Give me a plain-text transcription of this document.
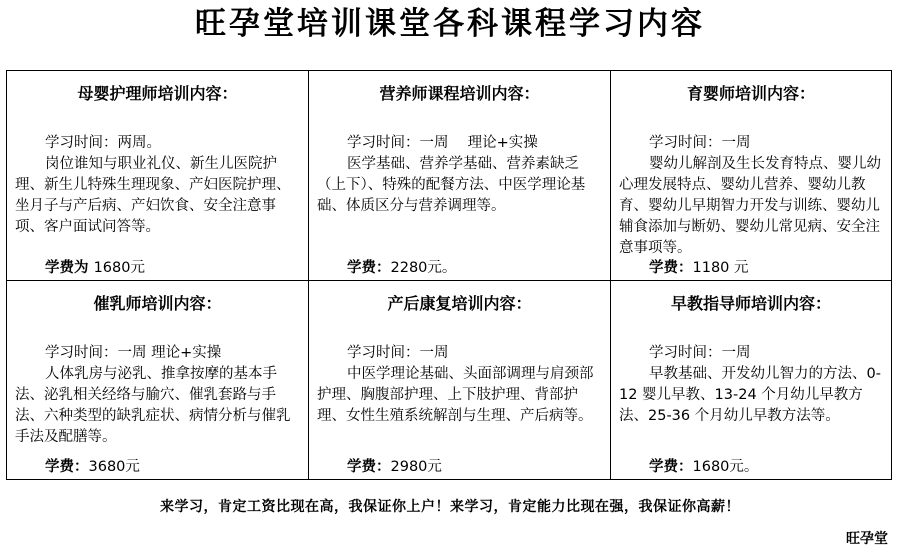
旺孕堂培训课堂各科课程学习内容
母婴护理师培训内容：

学习时间：两周。

岗位谁知与职业礼仪、新生儿医院护理、新生儿特殊生理现象、产妇医院护理、坐月子与产后病、产妇饮食、安全注意事项、客户面试问答等。

学费为 1680元
营养师课程培训内容：

学习时间：一周　 理论+实操

医学基础、营养学基础、营养素缺乏（上下）、特殊的配餐方法、中医学理论基础、体质区分与营养调理等。

学费：2280元。
育婴师培训内容：

学习时间：一周

婴幼儿解剖及生长发育特点、婴儿幼心理发展特点、婴幼儿营养、婴幼儿教育、婴幼儿早期智力开发与训练、婴幼儿辅食添加与断奶、婴幼儿常见病、安全注意事项等。

学费：1180 元
催乳师培训内容：

学习时间：一周 理论+实操

人体乳房与泌乳、推拿按摩的基本手法、泌乳相关经络与腧穴、催乳套路与手法、六种类型的缺乳症状、病情分析与催乳手法及配膳等。

学费：3680元
产后康复培训内容：

学习时间：一周

中医学理论基础、头面部调理与肩颈部护理、胸腹部护理、上下肢护理、背部护理、女性生殖系统解剖与生理、产后病等。

学费：2980元
早教指导师培训内容：

学习时间：一周

早教基础、开发幼儿智力的方法、0-12 婴儿早教、13-24 个月幼儿早教方法、25-36 个月幼儿早教方法等。

学费：1680元。
来学习，肯定工资比现在高，我保证你上户！来学习，肯定能力比现在强，我保证你高薪！
旺孕堂
